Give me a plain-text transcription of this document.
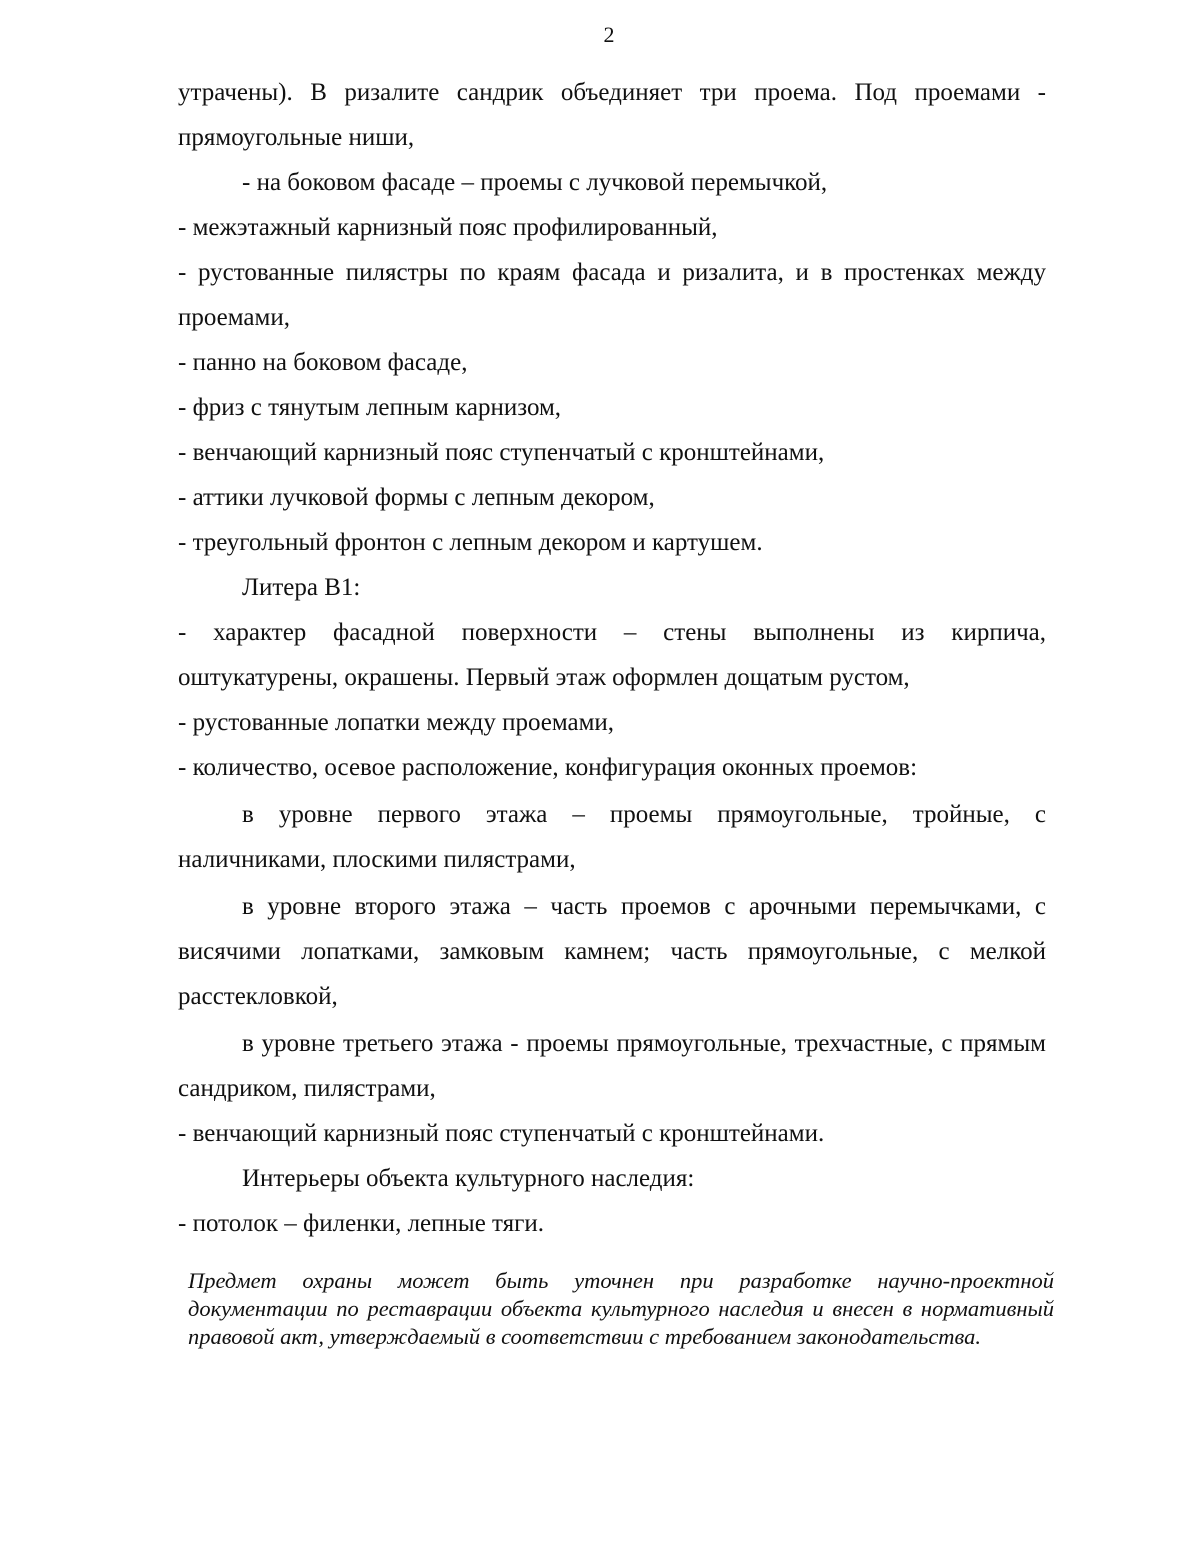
2

утрачены). В ризалите сандрик объединяет три проема. Под проемами - прямоугольные ниши,

- на боковом фасаде – проемы с лучковой перемычкой,

- межэтажный карнизный пояс профилированный,

- рустованные пилястры по краям фасада и ризалита, и в простенках между проемами,

- панно на боковом фасаде,

- фриз с тянутым лепным карнизом,

- венчающий карнизный пояс ступенчатый с кронштейнами,

- аттики лучковой формы с лепным декором,

- треугольный фронтон с лепным декором и картушем.

Литера В1:

- характер фасадной поверхности – стены выполнены из кирпича, оштукатурены, окрашены. Первый этаж оформлен дощатым рустом,

- рустованные лопатки между проемами,

- количество, осевое расположение, конфигурация оконных проемов:

в уровне первого этажа – проемы прямоугольные, тройные, с наличниками, плоскими пилястрами,

в уровне второго этажа – часть проемов с арочными перемычками, с висячими лопатками, замковым камнем; часть прямоугольные, с мелкой расстекловкой,

в уровне третьего этажа - проемы прямоугольные, трехчастные, с прямым сандриком, пилястрами,

- венчающий карнизный пояс ступенчатый с кронштейнами.

Интерьеры объекта культурного наследия:

- потолок – филенки, лепные тяги.

Предмет охраны может быть уточнен при разработке научно-проектной документации по реставрации объекта культурного наследия и внесен в нормативный правовой акт, утверждаемый в соответствии с требованием законодательства.
